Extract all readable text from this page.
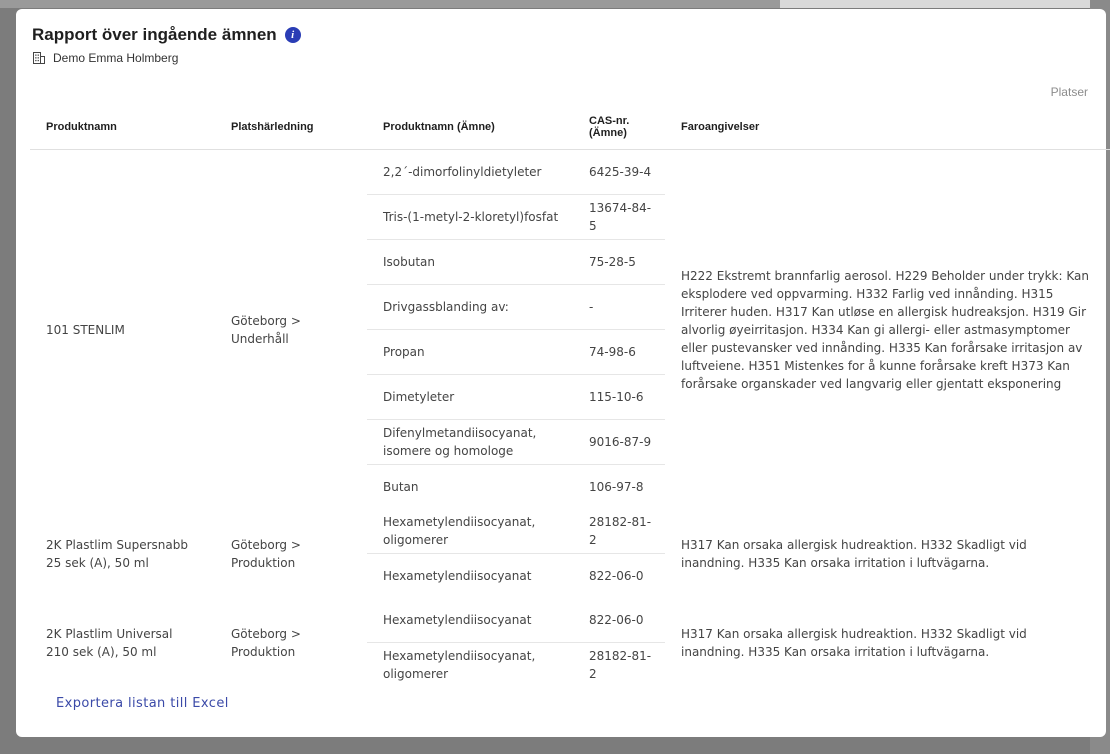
Rapport över ingående ämnen	i
Demo Emma Holmberg
Platser
Produktnamn	Platshärledning	Produktnamn (Ämne)	CAS-nr. (Ämne)	Faroangivelser
101 STENLIM	Göteborg > Underhåll	2,2´-dimorfolinyldietyleter	6425-39-4	H222 Ekstremt brannfarlig aerosol. H229 Beholder under trykk: Kan eksplodere ved oppvarming. H332 Farlig ved innånding. H315 Irriterer huden. H317 Kan utløse en allergisk hudreaksjon. H319 Gir alvorlig øyeirritasjon. H334 Kan gi allergi- eller astmasymptomer eller pustevansker ved innånding. H335 Kan forårsake irritasjon av luftveiene. H351 Mistenkes for å kunne forårsake kreft H373 Kan forårsake organskader ved langvarig eller gjentatt eksponering
		Tris-(1-metyl-2-kloretyl)fosfat	13674-84-5	
		Isobutan	75-28-5	
		Drivgassblanding av:	-	
		Propan	74-98-6	
		Dimetyleter	115-10-6	
		Difenylmetandiisocyanat, isomere og homologe	9016-87-9	
		Butan	106-97-8	
2K Plastlim Supersnabb 25 sek (A), 50 ml	Göteborg > Produktion	Hexametylendiisocyanat, oligomerer	28182-81-2	H317 Kan orsaka allergisk hudreaktion. H332 Skadligt vid inandning. H335 Kan orsaka irritation i luftvägarna.
		Hexametylendiisocyanat	822-06-0	
2K Plastlim Universal 210 sek (A), 50 ml	Göteborg > Produktion	Hexametylendiisocyanat	822-06-0	H317 Kan orsaka allergisk hudreaktion. H332 Skadligt vid inandning. H335 Kan orsaka irritation i luftvägarna.
		Hexametylendiisocyanat, oligomerer	28182-81-2	
Exportera listan till Excel
